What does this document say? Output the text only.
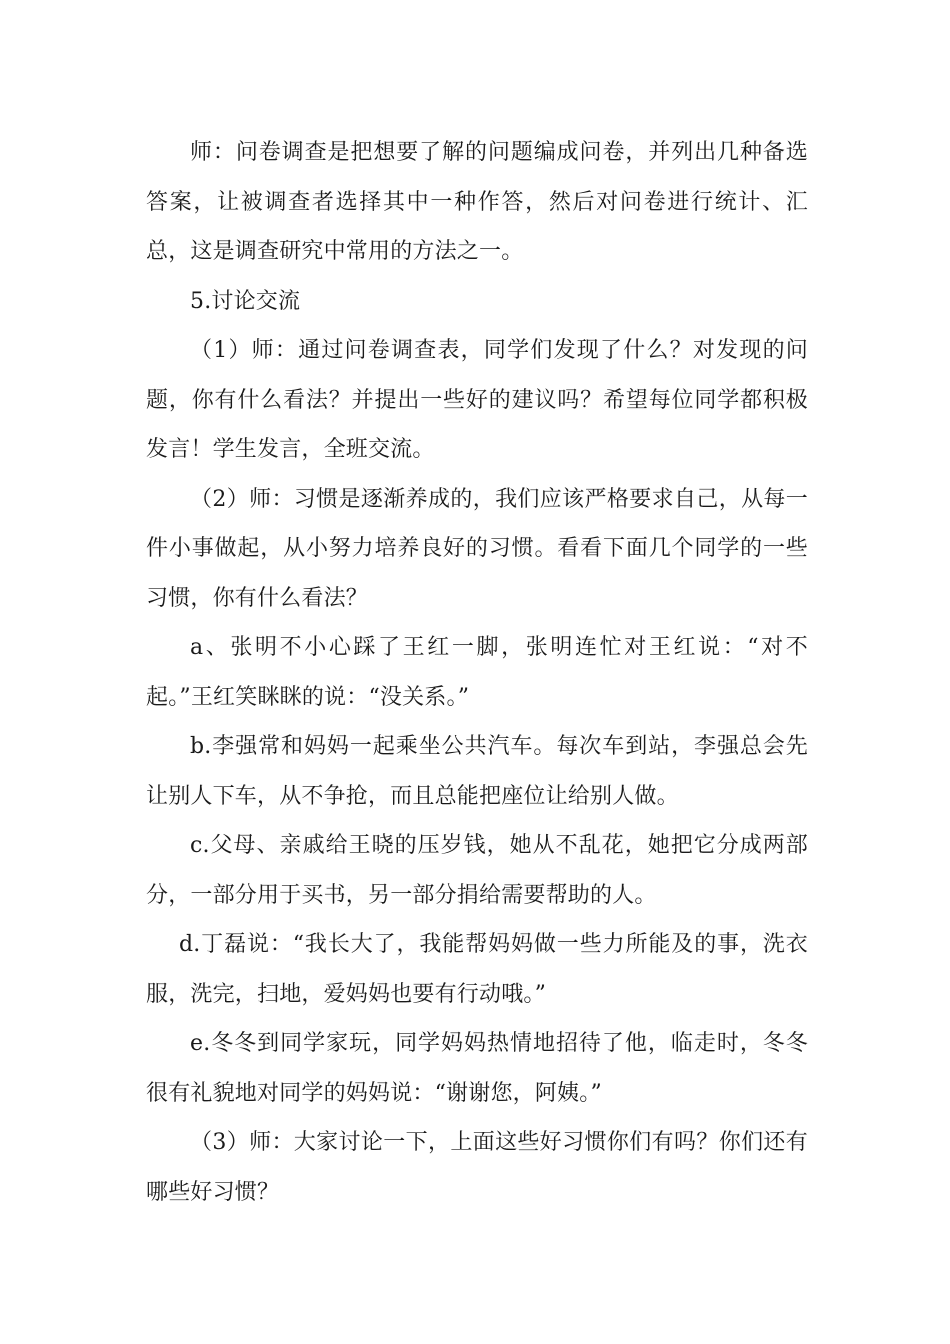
师：问卷调查是把想要了解的问题编成问卷，并列出几种备选答案，让被调查者选择其中一种作答，然后对问卷进行统计、汇总，这是调查研究中常用的方法之一。

5.讨论交流

（1）师：通过问卷调查表，同学们发现了什么？对发现的问题，你有什么看法？并提出一些好的建议吗？希望每位同学都积极发言！学生发言，全班交流。

（2）师：习惯是逐渐养成的，我们应该严格要求自己，从每一件小事做起，从小努力培养良好的习惯。看看下面几个同学的一些习惯，你有什么看法？

a、张明不小心踩了王红一脚，张明连忙对王红说：“对不起。”王红笑眯眯的说：“没关系。”

b.李强常和妈妈一起乘坐公共汽车。每次车到站，李强总会先让别人下车，从不争抢，而且总能把座位让给别人做。

c.父母、亲戚给王晓的压岁钱，她从不乱花，她把它分成两部分，一部分用于买书，另一部分捐给需要帮助的人。

d.丁磊说：“我长大了，我能帮妈妈做一些力所能及的事，洗衣服，洗完，扫地，爱妈妈也要有行动哦。”

e.冬冬到同学家玩，同学妈妈热情地招待了他，临走时，冬冬很有礼貌地对同学的妈妈说：“谢谢您，阿姨。”

（3）师：大家讨论一下，上面这些好习惯你们有吗？你们还有哪些好习惯？
